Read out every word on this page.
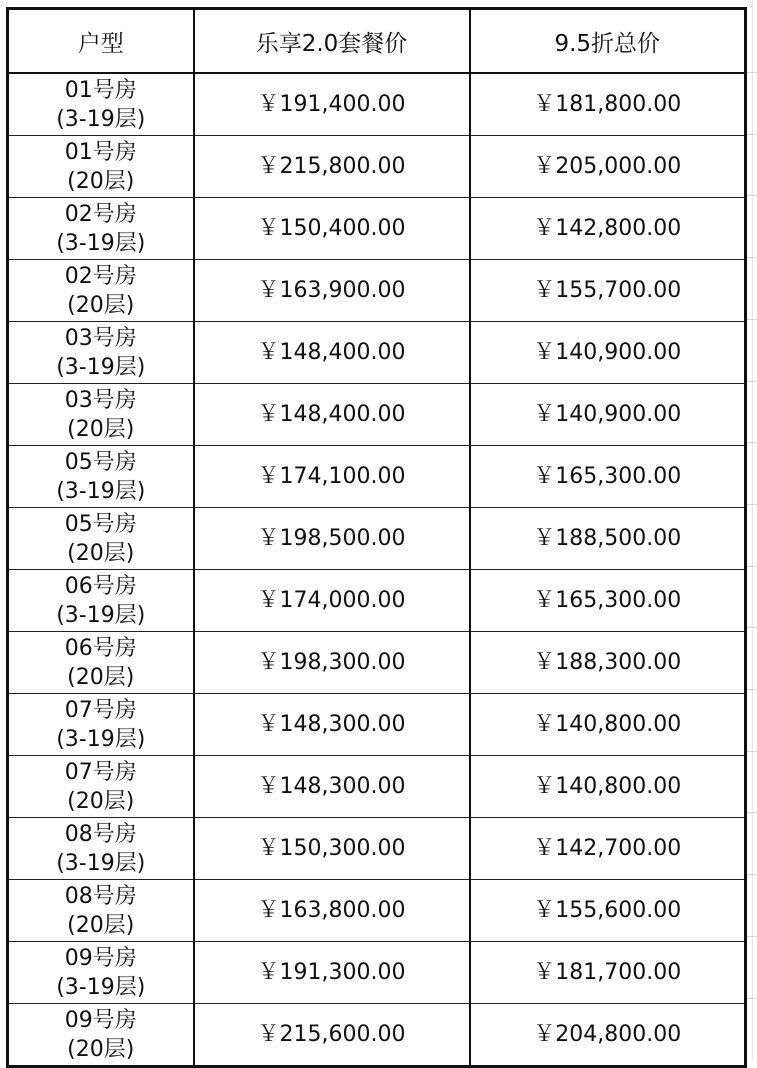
户型	乐享2.0套餐价	9.5折总价

01号房
(3-19层)	￥191,400.00	￥181,800.00

01号房
(20层)	￥215,800.00	￥205,000.00

02号房
(3-19层)	￥150,400.00	￥142,800.00

02号房
(20层)	￥163,900.00	￥155,700.00

03号房
(3-19层)	￥148,400.00	￥140,900.00

03号房
(20层)	￥148,400.00	￥140,900.00

05号房
(3-19层)	￥174,100.00	￥165,300.00

05号房
(20层)	￥198,500.00	￥188,500.00

06号房
(3-19层)	￥174,000.00	￥165,300.00

06号房
(20层)	￥198,300.00	￥188,300.00

07号房
(3-19层)	￥148,300.00	￥140,800.00

07号房
(20层)	￥148,300.00	￥140,800.00

08号房
(3-19层)	￥150,300.00	￥142,700.00

08号房
(20层)	￥163,800.00	￥155,600.00

09号房
(3-19层)	￥191,300.00	￥181,700.00

09号房
(20层)	￥215,600.00	￥204,800.00
